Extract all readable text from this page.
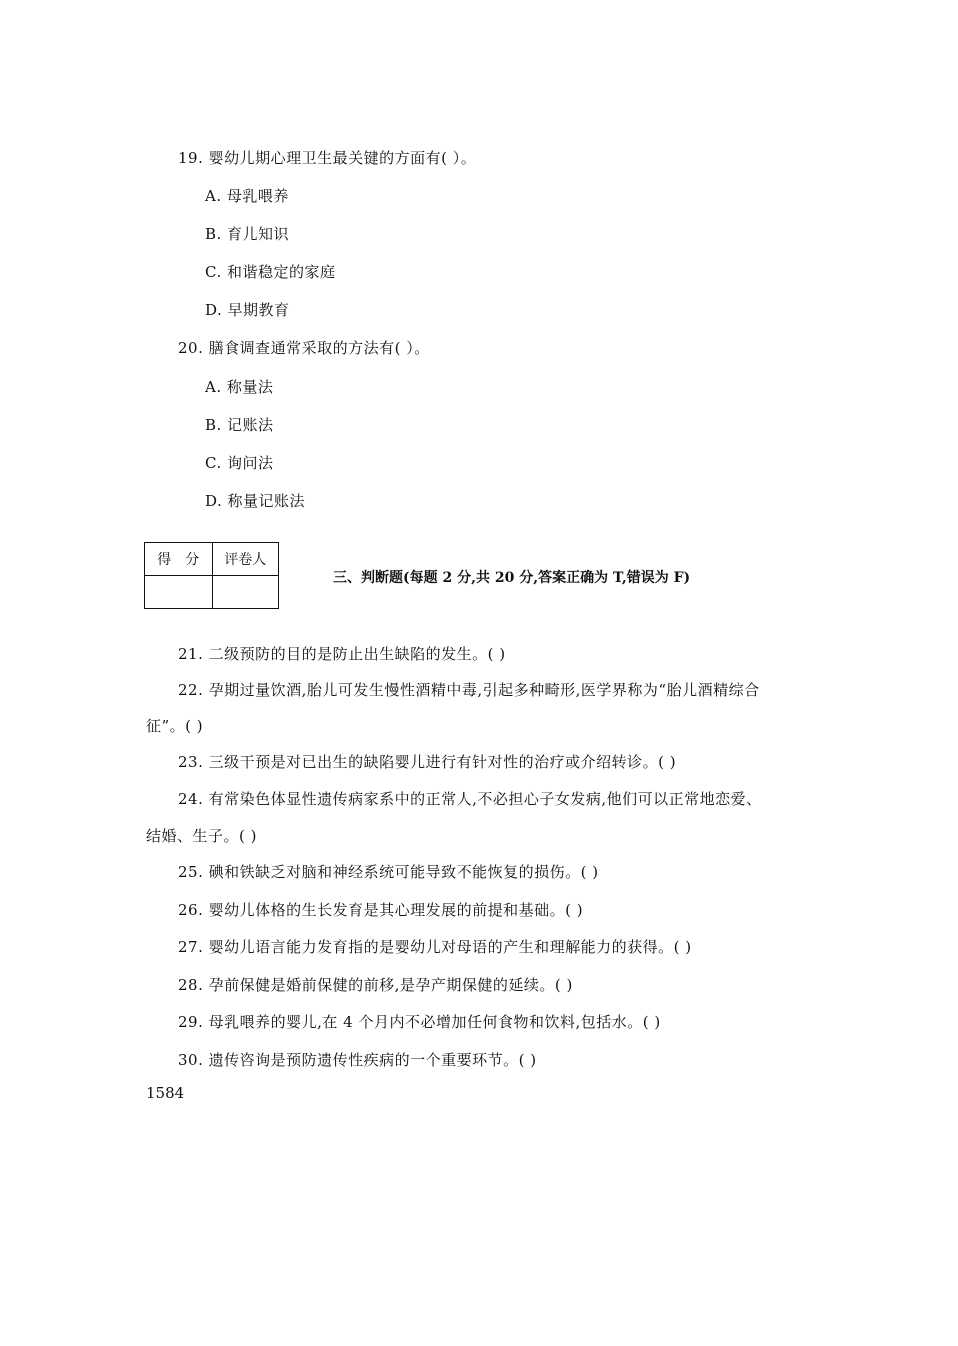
19. 婴幼儿期心理卫生最关键的方面有( ）。
A. 母乳喂养
B. 育儿知识
C. 和谐稳定的家庭
D. 早期教育
20. 膳食调查通常采取的方法有( ）。
A. 称量法
B. 记账法
C. 询问法
D. 称量记账法
得　分	评卷人

三、判断题(每题 2 分,共 20 分,答案正确为 T,错误为 F)
21. 二级预防的目的是防止出生缺陷的发生。( )
22. 孕期过量饮酒,胎儿可发生慢性酒精中毒,引起多种畸形,医学界称为“胎儿酒精综合
征”。( )
23. 三级干预是对已出生的缺陷婴儿进行有针对性的治疗或介绍转诊。( )
24. 有常染色体显性遗传病家系中的正常人,不必担心子女发病,他们可以正常地恋爱、
结婚、生子。( )
25. 碘和铁缺乏对脑和神经系统可能导致不能恢复的损伤。( )
26. 婴幼儿体格的生长发育是其心理发展的前提和基础。( )
27. 婴幼儿语言能力发育指的是婴幼儿对母语的产生和理解能力的获得。( )
28. 孕前保健是婚前保健的前移,是孕产期保健的延续。( )
29. 母乳喂养的婴儿,在 4 个月内不必增加任何食物和饮料,包括水。( )
30. 遗传咨询是预防遗传性疾病的一个重要环节。( )
1584
